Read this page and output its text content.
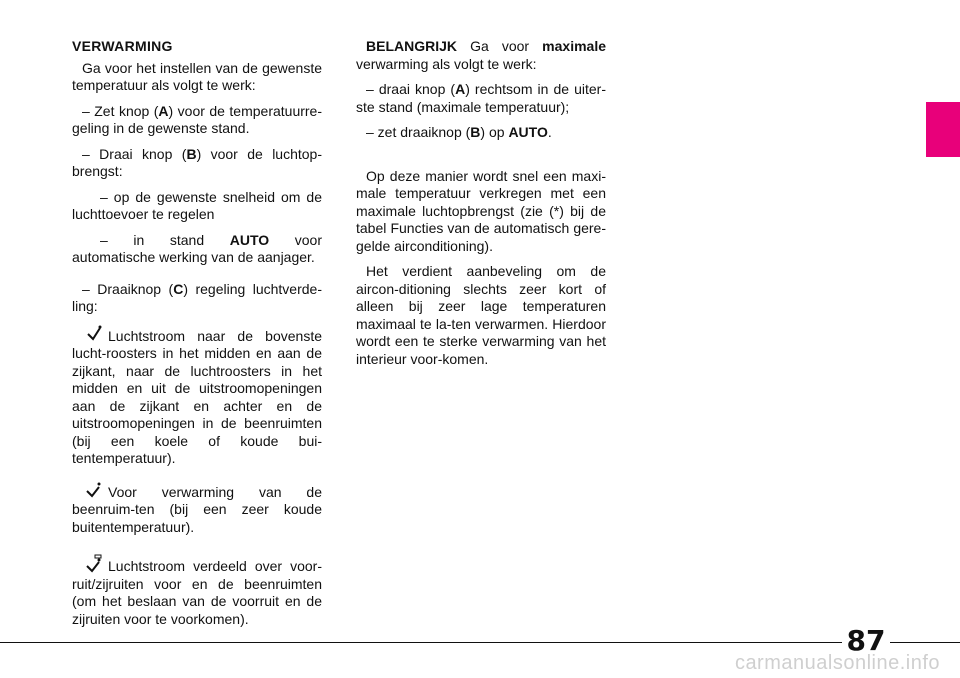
VERWARMING

Ga voor het instellen van de gewenste temperatuur als volgt te werk:

– Zet knop (A) voor de temperatuurre-geling in de gewenste stand.

– Draai knop (B) voor de luchtop-brengst:

– op de gewenste snelheid om de luchttoevoer te regelen

– in stand AUTO voor automatische werking van de aanjager.

– Draaiknop (C) regeling luchtverde-ling:

Luchtstroom naar de bovenste lucht-roosters in het midden en aan de zijkant, naar de luchtroosters in het midden en uit de uitstroomopeningen aan de zijkant en achter en de uitstroomopeningen in de beenruimten (bij een koele of koude bui-tentemperatuur).

Voor verwarming van de beenruim-ten (bij een zeer koude buitentemperatuur).

Luchtstroom verdeeld over voor-ruit/zijruiten voor en de beenruimten (om het beslaan van de voorruit en de zijruiten voor te voorkomen).

BELANGRIJK Ga voor maximale verwarming als volgt te werk:

– draai knop (A) rechtsom in de uiter-ste stand (maximale temperatuur);

– zet draaiknop (B) op AUTO.

Op deze manier wordt snel een maxi-male temperatuur verkregen met een maximale luchtopbrengst (zie (*) bij de tabel Functies van de automatisch gere-gelde airconditioning).

Het verdient aanbeveling om de aircon-ditioning slechts zeer kort of alleen bij zeer lage temperaturen maximaal te la-ten verwarmen. Hierdoor wordt een te sterke verwarming van het interieur voor-komen.

87
carmanualsonline.info
